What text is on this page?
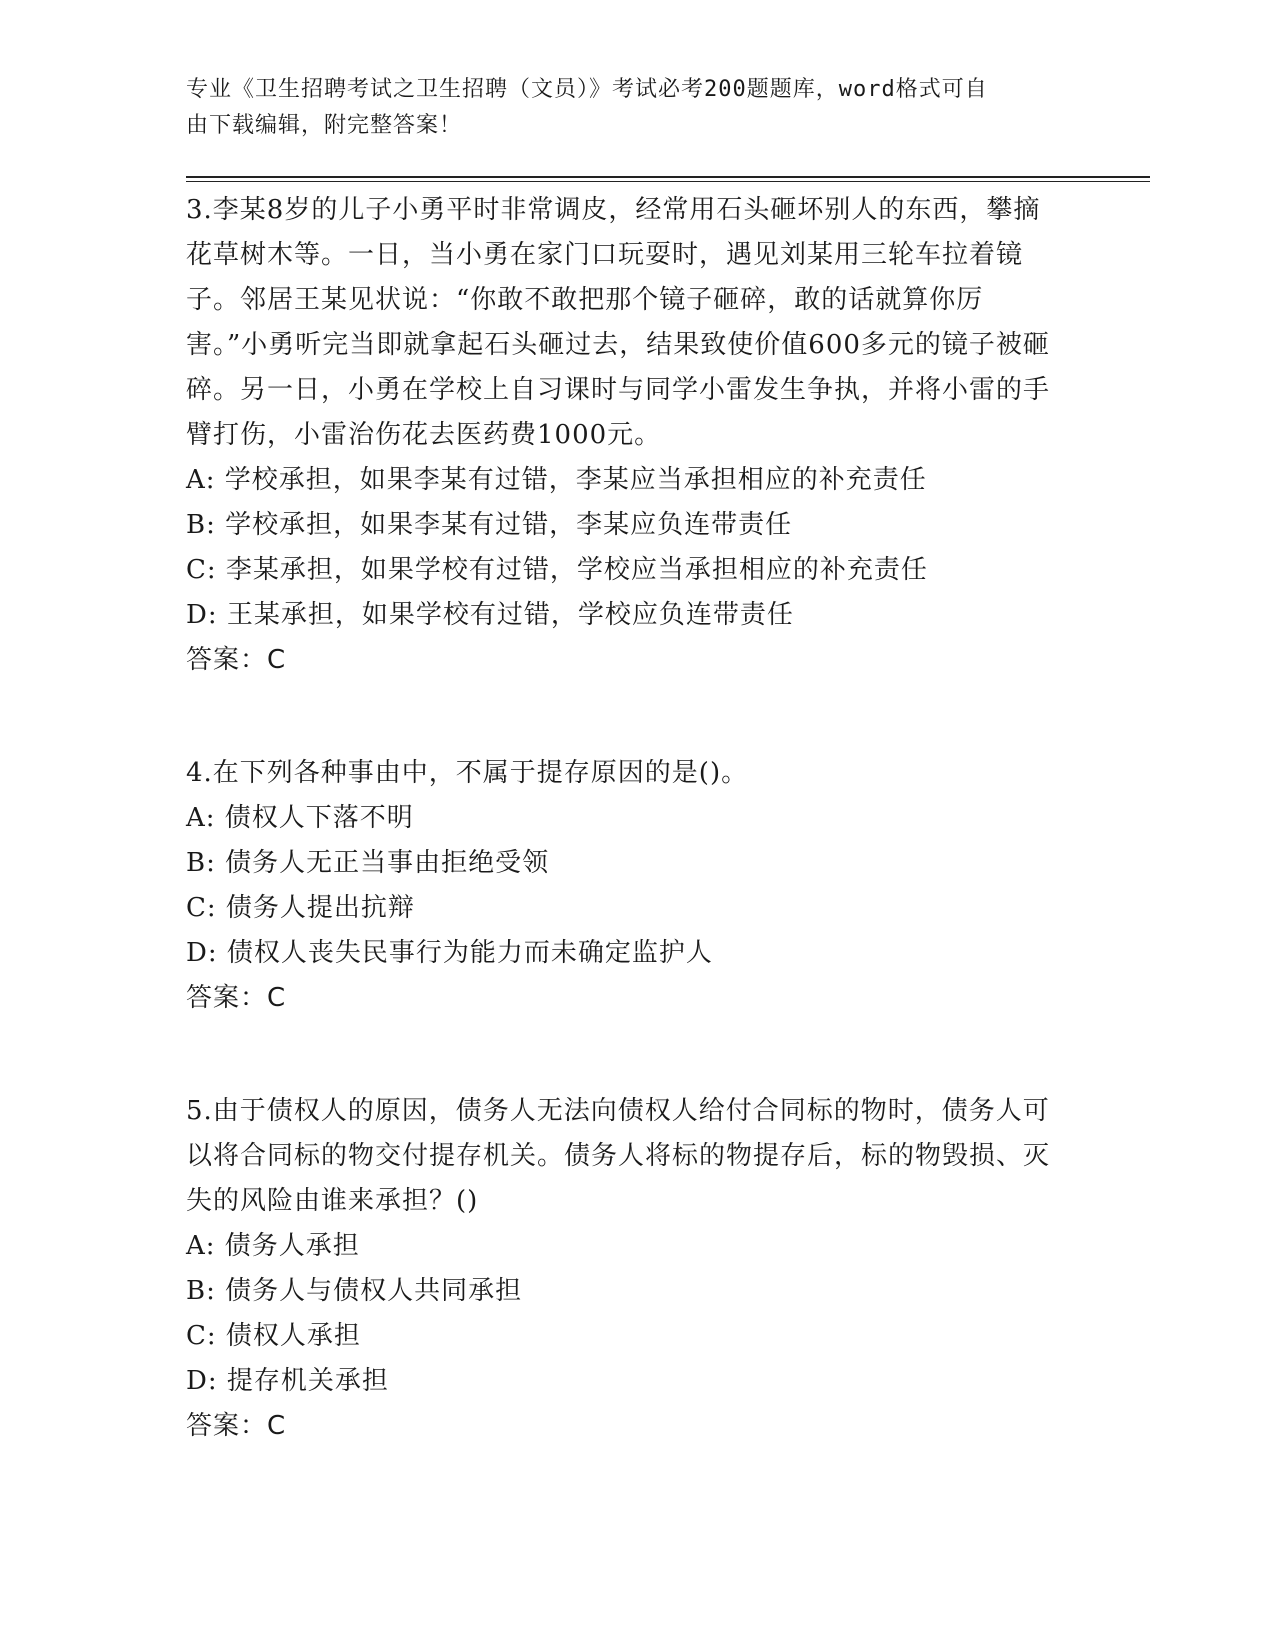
专业《卫生招聘考试之卫生招聘（文员）》考试必考200题题库，word格式可自
由下载编辑，附完整答案！

3.李某8岁的儿子小勇平时非常调皮，经常用石头砸坏别人的东西，攀摘花草树木等。一日，当小勇在家门口玩耍时，遇见刘某用三轮车拉着镜子。邻居王某见状说：“你敢不敢把那个镜子砸碎，敢的话就算你厉害。”小勇听完当即就拿起石头砸过去，结果致使价值600多元的镜子被砸碎。另一日，小勇在学校上自习课时与同学小雷发生争执，并将小雷的手臂打伤，小雷治伤花去医药费1000元。

A: 学校承担，如果李某有过错，李某应当承担相应的补充责任

B: 学校承担，如果李某有过错，李某应负连带责任

C: 李某承担，如果学校有过错，学校应当承担相应的补充责任

D: 王某承担，如果学校有过错，学校应负连带责任

答案：C

4.在下列各种事由中，不属于提存原因的是()。

A: 债权人下落不明

B: 债务人无正当事由拒绝受领

C: 债务人提出抗辩

D: 债权人丧失民事行为能力而未确定监护人

答案：C

5.由于债权人的原因，债务人无法向债权人给付合同标的物时，债务人可以将合同标的物交付提存机关。债务人将标的物提存后，标的物毁损、灭失的风险由谁来承担？()

A: 债务人承担

B: 债务人与债权人共同承担

C: 债权人承担

D: 提存机关承担

答案：C
